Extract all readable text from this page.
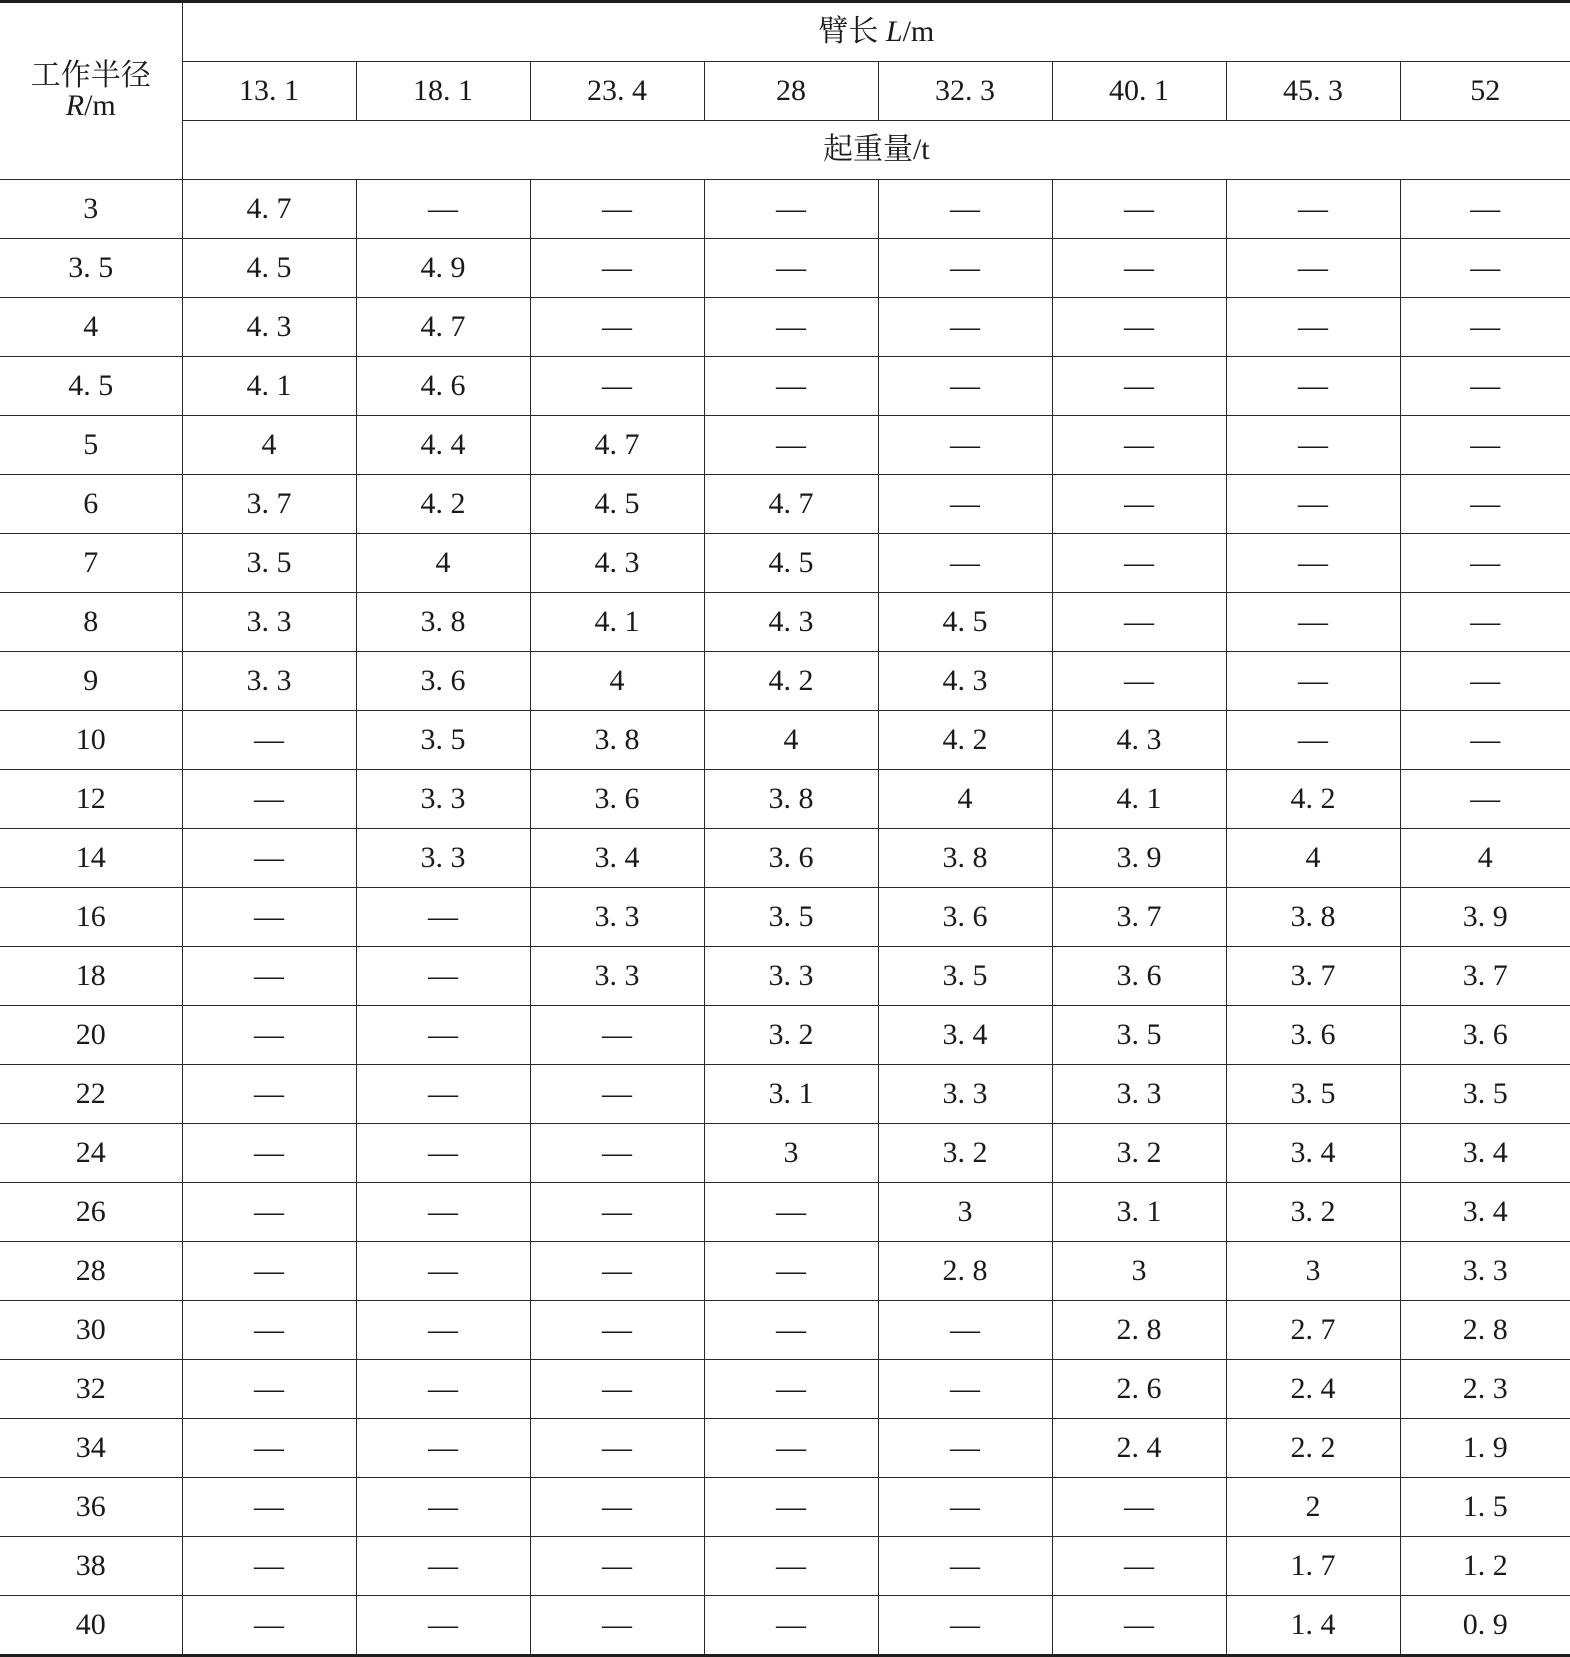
工作半径
R/m	臂长 L/m							
	13. 1	18. 1	23. 4	28	32. 3	40. 1	45. 3	52
	起重量/t							
3	4. 7	—	—	—	—	—	—	—
3. 5	4. 5	4. 9	—	—	—	—	—	—
4	4. 3	4. 7	—	—	—	—	—	—
4. 5	4. 1	4. 6	—	—	—	—	—	—
5	4	4. 4	4. 7	—	—	—	—	—
6	3. 7	4. 2	4. 5	4. 7	—	—	—	—
7	3. 5	4	4. 3	4. 5	—	—	—	—
8	3. 3	3. 8	4. 1	4. 3	4. 5	—	—	—
9	3. 3	3. 6	4	4. 2	4. 3	—	—	—
10	—	3. 5	3. 8	4	4. 2	4. 3	—	—
12	—	3. 3	3. 6	3. 8	4	4. 1	4. 2	—
14	—	3. 3	3. 4	3. 6	3. 8	3. 9	4	4
16	—	—	3. 3	3. 5	3. 6	3. 7	3. 8	3. 9
18	—	—	3. 3	3. 3	3. 5	3. 6	3. 7	3. 7
20	—	—	—	3. 2	3. 4	3. 5	3. 6	3. 6
22	—	—	—	3. 1	3. 3	3. 3	3. 5	3. 5
24	—	—	—	3	3. 2	3. 2	3. 4	3. 4
26	—	—	—	—	3	3. 1	3. 2	3. 4
28	—	—	—	—	2. 8	3	3	3. 3
30	—	—	—	—	—	2. 8	2. 7	2. 8
32	—	—	—	—	—	2. 6	2. 4	2. 3
34	—	—	—	—	—	2. 4	2. 2	1. 9
36	—	—	—	—	—	—	2	1. 5
38	—	—	—	—	—	—	1. 7	1. 2
40	—	—	—	—	—	—	1. 4	0. 9
